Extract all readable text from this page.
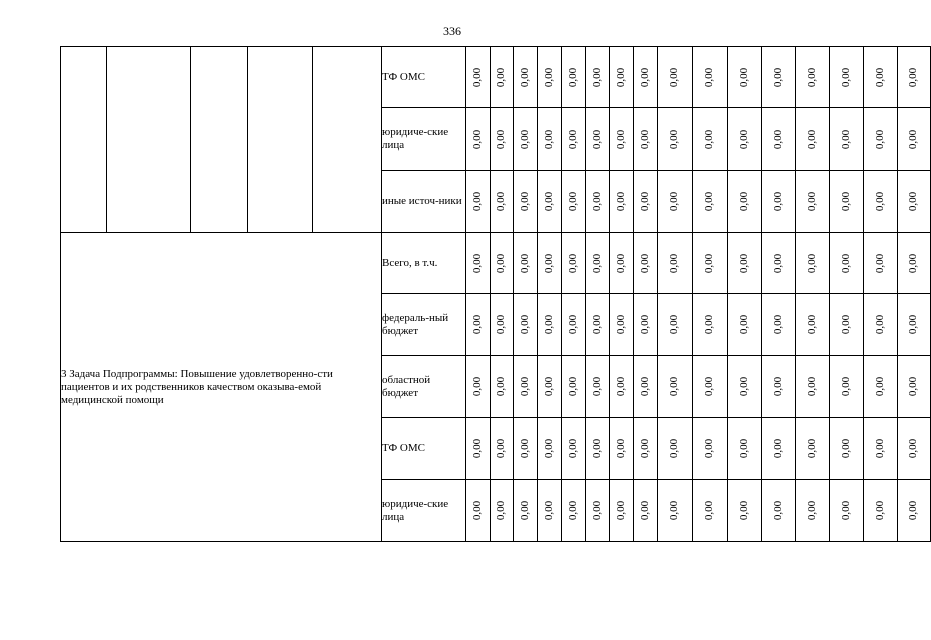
336
					ТФ ОМС	0,00	0,00	0,00	0,00	0,00	0,00	0,00	0,00	0,00	0,00	0,00	0,00	0,00	0,00	0,00	0,00
					юридиче-ские лица	0,00	0,00	0,00	0,00	0,00	0,00	0,00	0,00	0,00	0,00	0,00	0,00	0,00	0,00	0,00	0,00
					иные источ-ники	0,00	0,00	0,00	0,00	0,00	0,00	0,00	0,00	0,00	0,00	0,00	0,00	0,00	0,00	0,00	0,00
3 Задача Подпрограммы: Повышение удовлетворенно-сти пациентов и их родственников качеством оказыва-емой медицинской помощи					Всего, в т.ч.	0,00	0,00	0,00	0,00	0,00	0,00	0,00	0,00	0,00	0,00	0,00	0,00	0,00	0,00	0,00	0,00
					федераль-ный бюджет	0,00	0,00	0,00	0,00	0,00	0,00	0,00	0,00	0,00	0,00	0,00	0,00	0,00	0,00	0,00	0,00
					областной бюджет	0,00	0,00	0,00	0,00	0,00	0,00	0,00	0,00	0,00	0,00	0,00	0,00	0,00	0,00	0,00	0,00
					ТФ ОМС	0,00	0,00	0,00	0,00	0,00	0,00	0,00	0,00	0,00	0,00	0,00	0,00	0,00	0,00	0,00	0,00
					юридиче-ские лица	0,00	0,00	0,00	0,00	0,00	0,00	0,00	0,00	0,00	0,00	0,00	0,00	0,00	0,00	0,00	0,00
